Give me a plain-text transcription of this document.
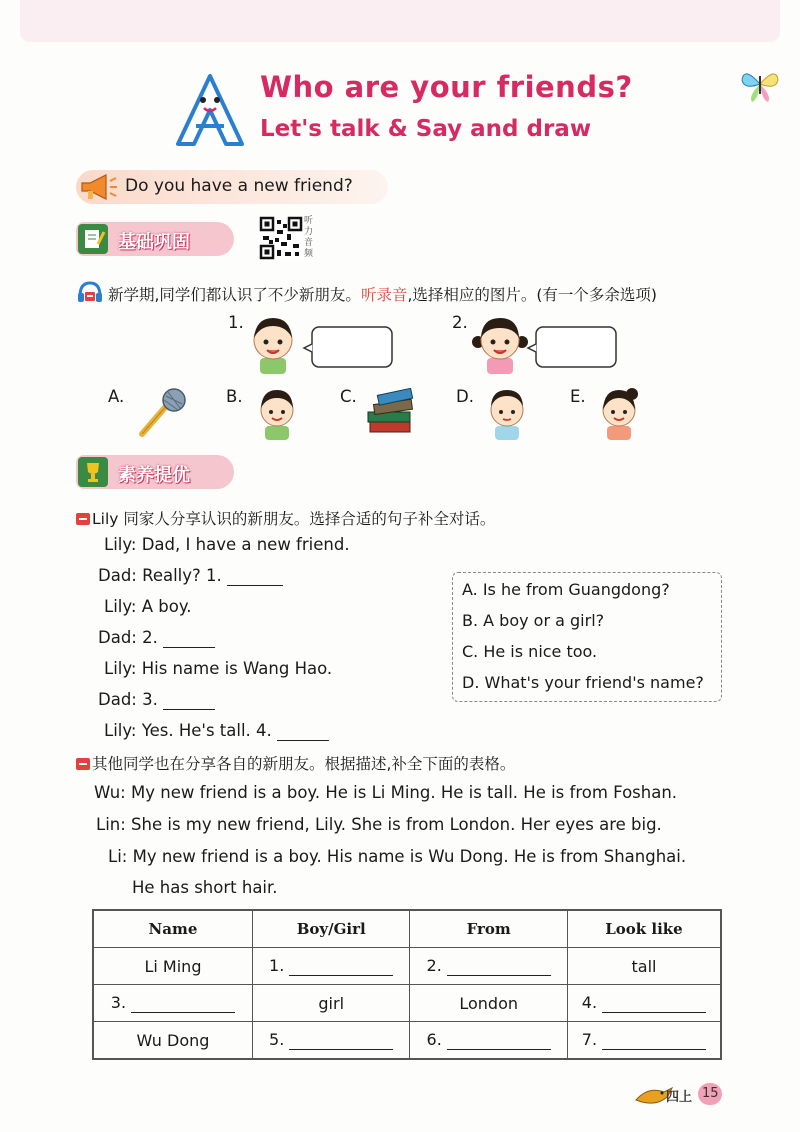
Who are your friends?
Let's talk & Say and draw
Do you have a new friend?
基础巩固
听
力
音
频
新学期,同学们都认识了不少新朋友。听录音,选择相应的图片。(有一个多余选项)
1.	2.
A.	B.	C.	D.	E.
素养提优
Lily 同家人分享认识的新朋友。选择合适的句子补全对话。
Lily: Dad, I have a new friend.
Dad: Really? 1.
Lily: A boy.
Dad: 2.
Lily: His name is Wang Hao.
Dad: 3.
Lily: Yes. He's tall. 4.
A. Is he from Guangdong?
B. A boy or a girl?
C. He is nice too.
D. What's your friend's name?
其他同学也在分享各自的新朋友。根据描述,补全下面的表格。
Wu: My new friend is a boy. He is Li Ming. He is tall. He is from Foshan.
Lin: She is my new friend, Lily. She is from London. Her eyes are big.
Li: My new friend is a boy. His name is Wu Dong. He is from Shanghai.
He has short hair.
Name	Boy/Girl	From	Look like
Li Ming	1.	2.	tall
3.	girl	London	4.
Wu Dong	5.	6.	7.
四上 15
